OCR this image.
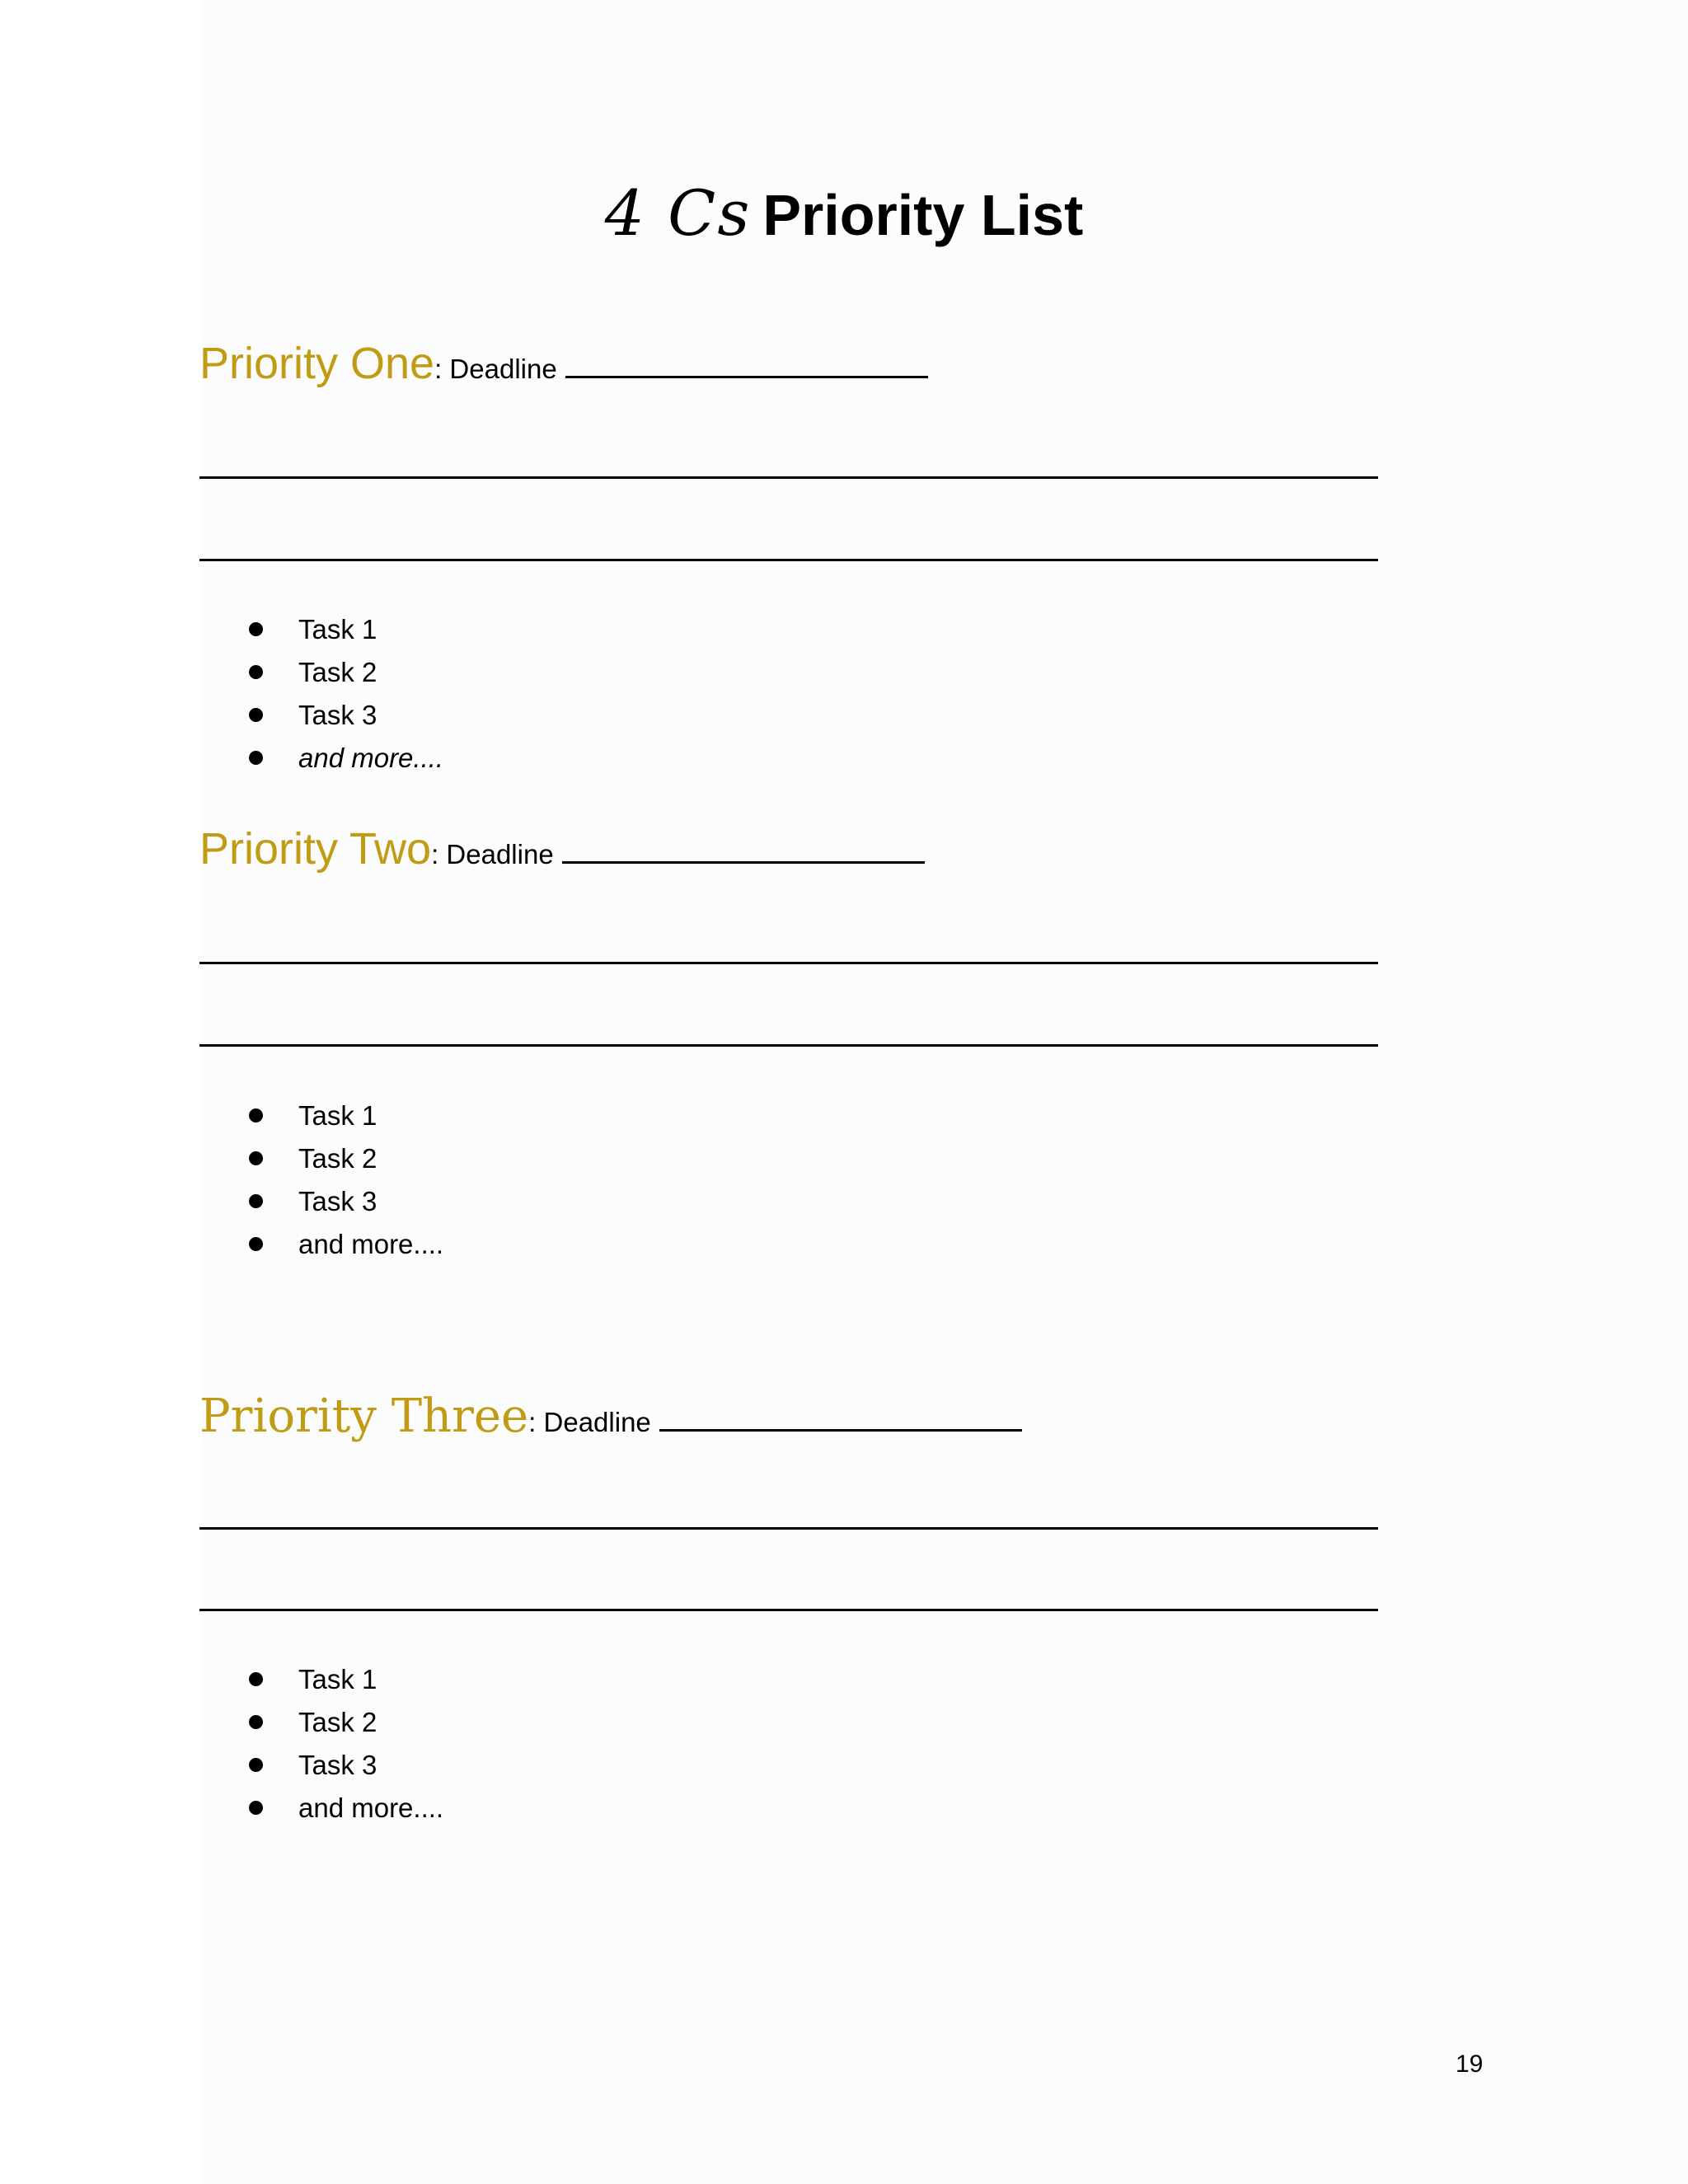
4 Cs Priority List
Priority One: Deadline
Task 1
Task 2
Task 3
and more....
Priority Two: Deadline
Task 1
Task 2
Task 3
and more....
Priority Three: Deadline
Task 1
Task 2
Task 3
and more....
19
